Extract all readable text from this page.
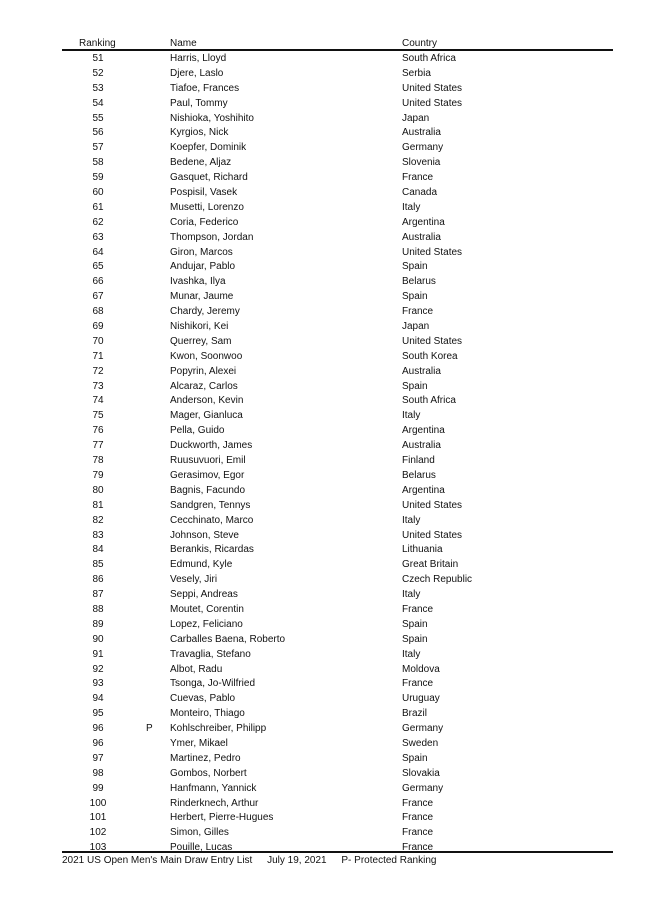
Ranking	Name	Country
51	Harris, Lloyd	South Africa
52	Djere, Laslo	Serbia
53	Tiafoe, Frances	United States
54	Paul, Tommy	United States
55	Nishioka, Yoshihito	Japan
56	Kyrgios, Nick	Australia
57	Koepfer, Dominik	Germany
58	Bedene, Aljaz	Slovenia
59	Gasquet, Richard	France
60	Pospisil, Vasek	Canada
61	Musetti, Lorenzo	Italy
62	Coria, Federico	Argentina
63	Thompson, Jordan	Australia
64	Giron, Marcos	United States
65	Andujar, Pablo	Spain
66	Ivashka, Ilya	Belarus
67	Munar, Jaume	Spain
68	Chardy, Jeremy	France
69	Nishikori, Kei	Japan
70	Querrey, Sam	United States
71	Kwon, Soonwoo	South Korea
72	Popyrin, Alexei	Australia
73	Alcaraz, Carlos	Spain
74	Anderson, Kevin	South Africa
75	Mager, Gianluca	Italy
76	Pella, Guido	Argentina
77	Duckworth, James	Australia
78	Ruusuvuori, Emil	Finland
79	Gerasimov, Egor	Belarus
80	Bagnis, Facundo	Argentina
81	Sandgren, Tennys	United States
82	Cecchinato, Marco	Italy
83	Johnson, Steve	United States
84	Berankis, Ricardas	Lithuania
85	Edmund, Kyle	Great Britain
86	Vesely, Jiri	Czech Republic
87	Seppi, Andreas	Italy
88	Moutet, Corentin	France
89	Lopez, Feliciano	Spain
90	Carballes Baena, Roberto	Spain
91	Travaglia, Stefano	Italy
92	Albot, Radu	Moldova
93	Tsonga, Jo-Wilfried	France
94	Cuevas, Pablo	Uruguay
95	Monteiro, Thiago	Brazil
96	P Kohlschreiber, Philipp	Germany
96	Ymer, Mikael	Sweden
97	Martinez, Pedro	Spain
98	Gombos, Norbert	Slovakia
99	Hanfmann, Yannick	Germany
100	Rinderknech, Arthur	France
101	Herbert, Pierre-Hugues	France
102	Simon, Gilles	France
103	Pouille, Lucas	France
2021 US Open Men's Main Draw Entry List July 19, 2021 P- Protected Ranking
